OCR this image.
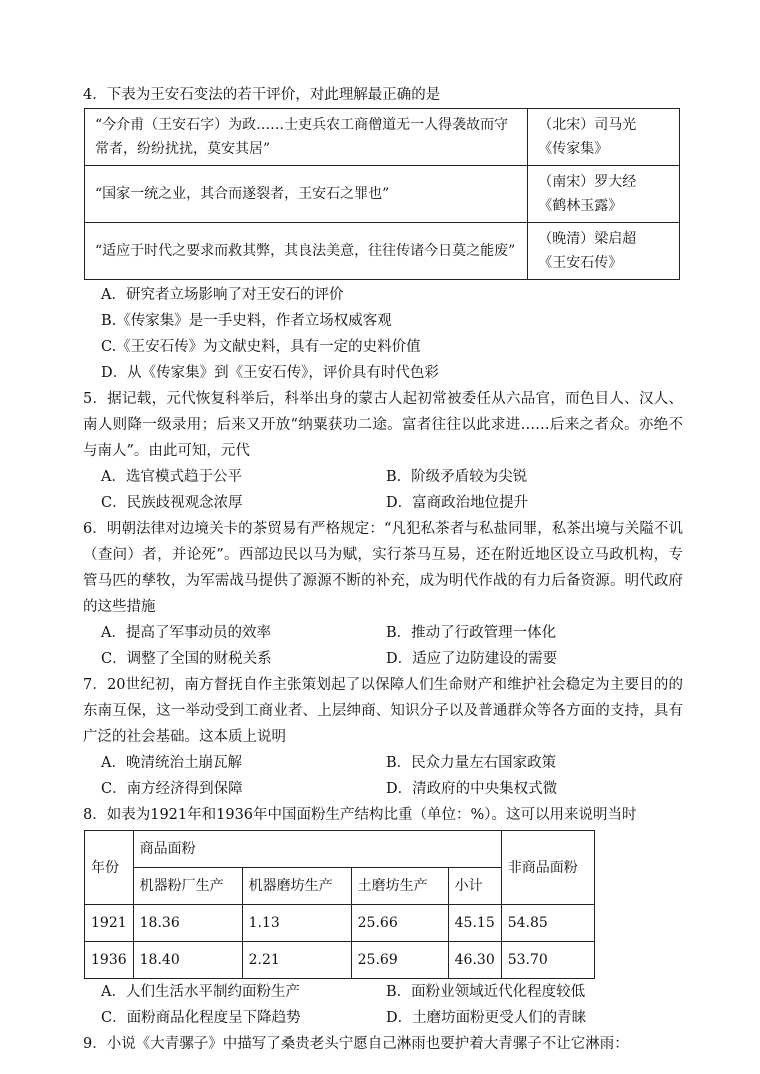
4．下表为王安石变法的若干评价，对此理解最正确的是

“今介甫（王安石字）为政……士吏兵农工商僧道无一人得袭故而守常者，纷纷扰扰，莫安其居”	（北宋）司马光
《传家集》

“国家一统之业，其合而遂裂者，王安石之罪也”	（南宋）罗大经
《鹤林玉露》

“适应于时代之要求而救其弊，其良法美意，往往传诸今日莫之能废”	（晚清）梁启超
《王安石传》
A．研究者立场影响了对王安石的评价
B.《传家集》是一手史料，作者立场权威客观
C.《王安石传》为文献史料，具有一定的史料价值
D．从《传家集》到《王安石传》，评价具有时代色彩

5．据记载，元代恢复科举后，科举出身的蒙古人起初常被委任从六品官，而色目人、汉人、南人则降一级录用；后来又开放“纳粟获功二途。富者往往以此求进……后来之者众。亦绝不与南人”。由此可知，元代

A．选官模式趋于公平	B．阶级矛盾较为尖锐
C．民族歧视观念浓厚	D．富商政治地位提升

6．明朝法律对边境关卡的茶贸易有严格规定：“凡犯私茶者与私盐同罪，私茶出境与关隘不讥（查问）者，并论死”。西部边民以马为赋，实行茶马互易，还在附近地区设立马政机构，专管马匹的孳牧，为军需战马提供了源源不断的补充，成为明代作战的有力后备资源。明代政府的这些措施

A．提高了军事动员的效率	B．推动了行政管理一体化
C．调整了全国的财税关系	D．适应了边防建设的需要

7．20世纪初，南方督抚自作主张策划起了以保障人们生命财产和维护社会稳定为主要目的的东南互保，这一举动受到工商业者、上层绅商、知识分子以及普通群众等各方面的支持，具有广泛的社会基础。这本质上说明

A．晚清统治土崩瓦解	B．民众力量左右国家政策
C．南方经济得到保障	D．清政府的中央集权式微

8．如表为1921年和1936年中国面粉生产结构比重（单位：%）。这可以用来说明当时

年份	商品面粉				非商品面粉
	机器粉厂生产	机器磨坊生产	土磨坊生产	小计	
1921	18.36	1.13	25.66	45.15	54.85
1936	18.40	2.21	25.69	46.30	53.70
A．人们生活水平制约面粉生产	B．面粉业领域近代化程度较低
C．面粉商品化程度呈下降趋势	D．土磨坊面粉更受人们的青睐

9．小说《大青骡子》中描写了桑贵老头宁愿自己淋雨也要护着大青骡子不让它淋雨：
